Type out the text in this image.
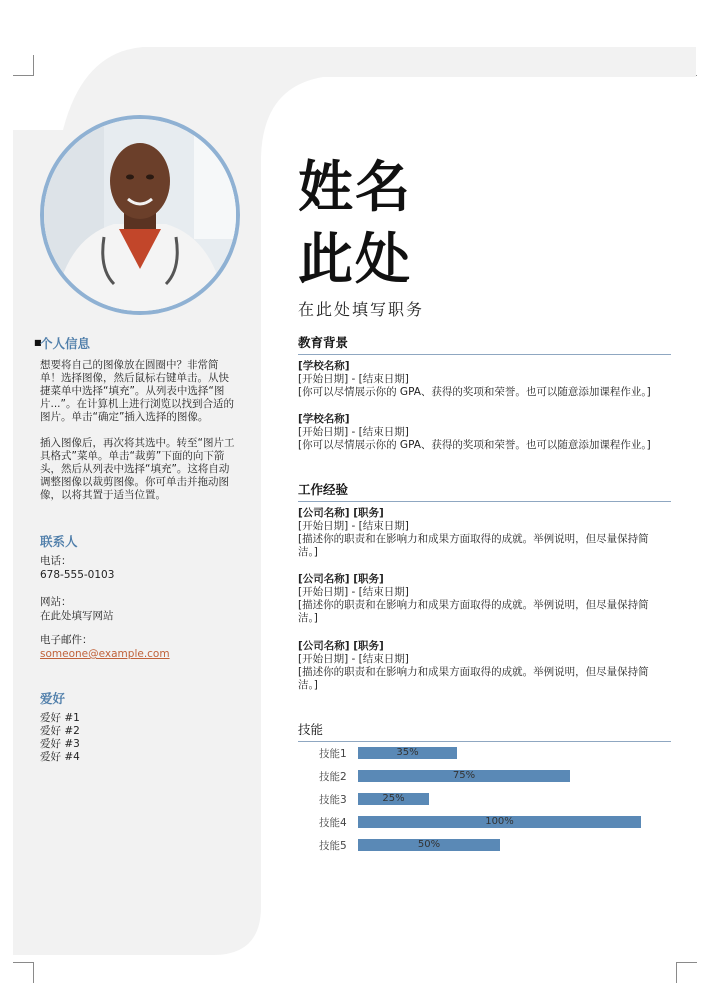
■
个人信息
想要将自己的图像放在圆圈中？非常简
单！选择图像，然后鼠标右键单击。从快
捷菜单中选择“填充”。从列表中选择“图
片...”。在计算机上进行浏览以找到合适的
图片。单击“确定”插入选择的图像。
插入图像后，再次将其选中。转至“图片工
具格式”菜单。单击“裁剪”下面的向下箭
头，然后从列表中选择“填充”。这将自动
调整图像以裁剪图像。你可单击并拖动图
像，以将其置于适当位置。
联系人
电话：
678-555-0103
网站：
在此处填写网站
电子邮件：
someone@example.com
爱好
爱好 #1
爱好 #2
爱好 #3
爱好 #4
姓名
此处
在此处填写职务
教育背景
[学校名称]
[开始日期] - [结束日期]
[你可以尽情展示你的 GPA、获得的奖项和荣誉。也可以随意添加课程作业。]
[学校名称]
[开始日期] - [结束日期]
[你可以尽情展示你的 GPA、获得的奖项和荣誉。也可以随意添加课程作业。]
工作经验
[公司名称] [职务]
[开始日期] - [结束日期]
[描述你的职责和在影响力和成果方面取得的成就。举例说明，但尽量保持简
洁。]
[公司名称] [职务]
[开始日期] - [结束日期]
[描述你的职责和在影响力和成果方面取得的成就。举例说明，但尽量保持简
洁。]
[公司名称] [职务]
[开始日期] - [结束日期]
[描述你的职责和在影响力和成果方面取得的成就。举例说明，但尽量保持简
洁。]
技能
技能1	35%
技能2	75%
技能3	25%
技能4	100%
技能5	50%
